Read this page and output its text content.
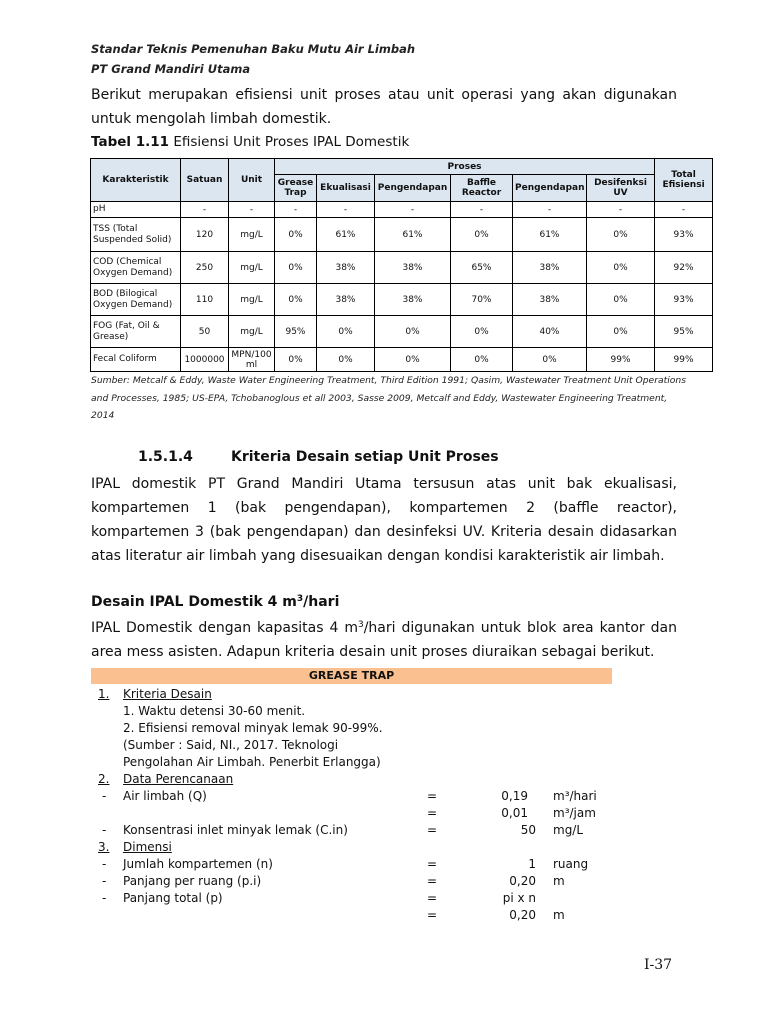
Standar Teknis Pemenuhan Baku Mutu Air Limbah
PT Grand Mandiri Utama

Berikut merupakan efisiensi unit proses atau unit operasi yang akan digunakan untuk mengolah limbah domestik.

Tabel 1.11 Efisiensi Unit Proses IPAL Domestik
Karakteristik	Satuan	Unit	Proses						Total Efisiensi
			Grease Trap	Ekualisasi	Pengendapan	Baffle Reactor	Pengendapan	Desifenksi UV	
pH	-	-	-	-	-	-	-	-	-
TSS (Total Suspended Solid)	120	mg/L	0%	61%	61%	0%	61%	0%	93%
COD (Chemical Oxygen Demand)	250	mg/L	0%	38%	38%	65%	38%	0%	92%
BOD (Bilogical Oxygen Demand)	110	mg/L	0%	38%	38%	70%	38%	0%	93%
FOG (Fat, Oil & Grease)	50	mg/L	95%	0%	0%	0%	40%	0%	95%
Fecal Coliform	1000000	MPN/100 ml	0%	0%	0%	0%	0%	99%	99%

Sumber: Metcalf & Eddy, Waste Water Engineering Treatment, Third Edition 1991; Qasim, Wastewater Treatment Unit Operations and Processes, 1985; US-EPA, Tchobanoglous et all 2003, Sasse 2009, Metcalf and Eddy, Wastewater Engineering Treatment, 2014

1.5.1.4	Kriteria Desain setiap Unit Proses

IPAL domestik PT Grand Mandiri Utama tersusun atas unit bak ekualisasi, kompartemen 1 (bak pengendapan), kompartemen 2 (baffle reactor), kompartemen 3 (bak pengendapan) dan desinfeksi UV. Kriteria desain didasarkan atas literatur air limbah yang disesuaikan dengan kondisi karakteristik air limbah.

Desain IPAL Domestik 4 $m^3$/hari

IPAL Domestik dengan kapasitas 4 $m^3$/hari digunakan untuk blok area kantor dan area mess asisten. Adapun kriteria desain unit proses diuraikan sebagai berikut.

GREASE TRAP
1. Kriteria Desain
1. Waktu detensi 30-60 menit.
2. Efisiensi removal minyak lemak 90-99%.
(Sumber : Said, NI., 2017. Teknologi
Pengolahan Air Limbah. Penerbit Erlangga)
2. Data Perencanaan
- Air limbah (Q)	=	0,19 m³/hari
=	0,01 m³/jam
- Konsentrasi inlet minyak lemak (C.in)	=	50 mg/L
3. Dimensi
- Jumlah kompartemen (n)	=	1 ruang
- Panjang per ruang (p.i)	=	0,20 m
- Panjang total (p)	=	pi x n
=	0,20 m
I-37
